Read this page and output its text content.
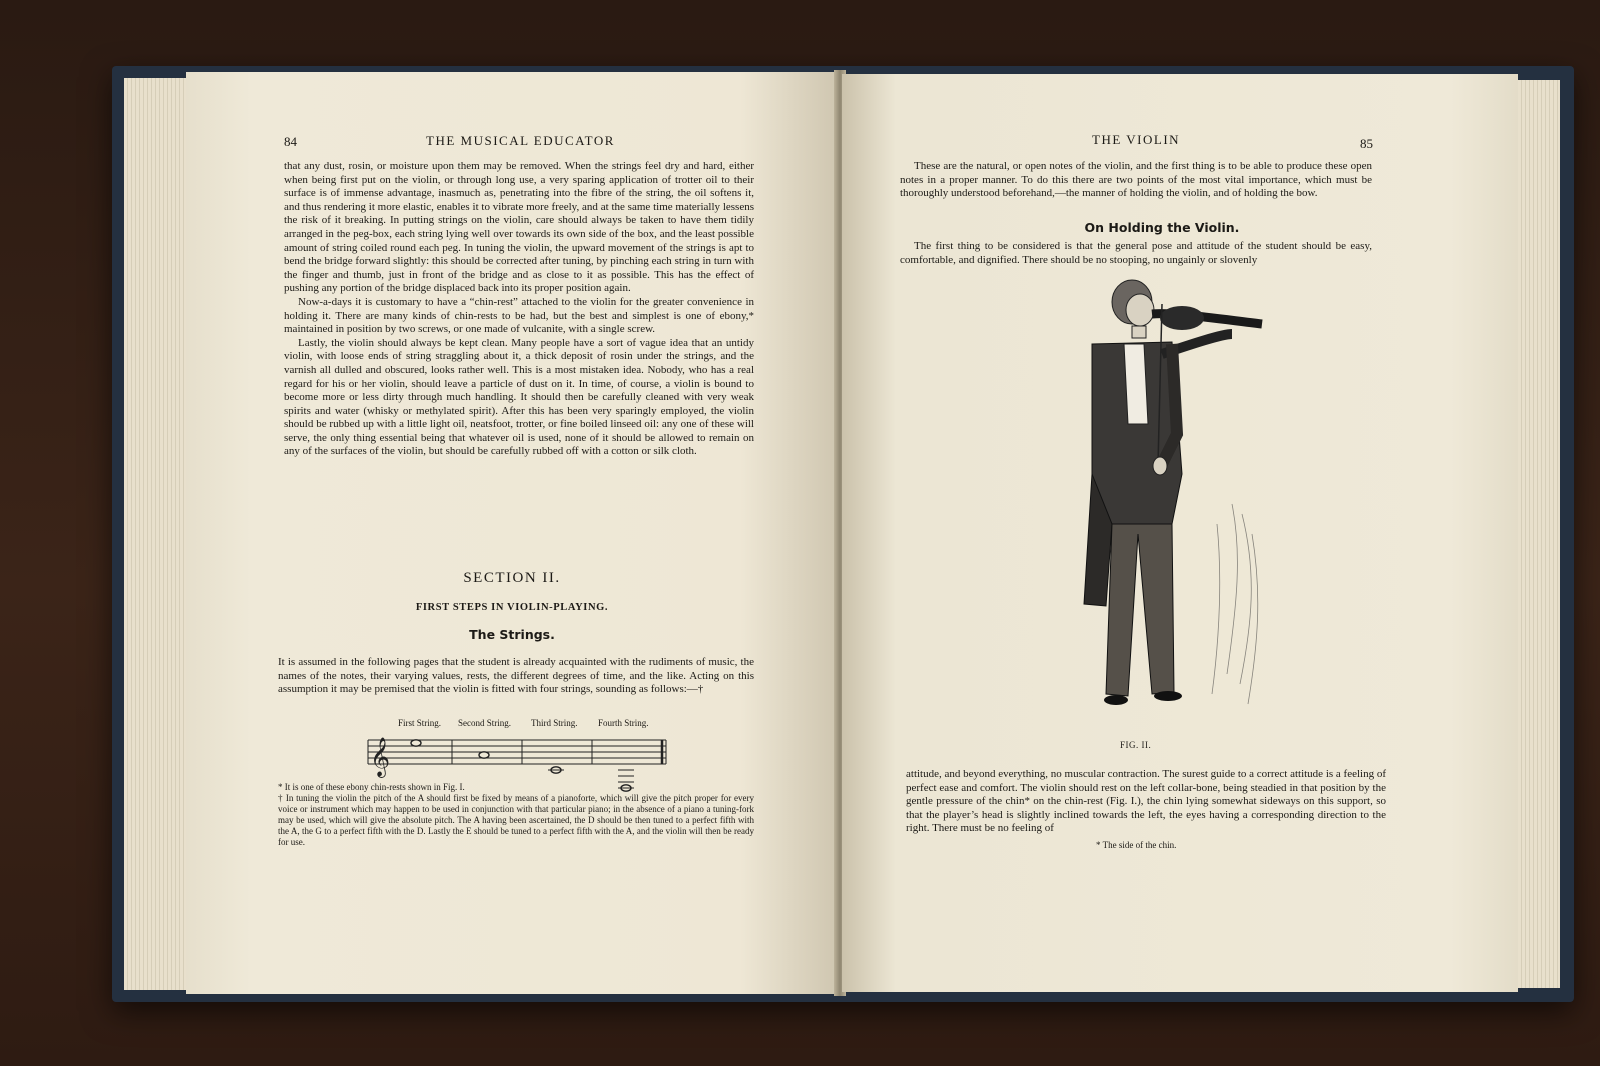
84	THE MUSICAL EDUCATOR

that any dust, rosin, or moisture upon them may be removed. When the strings feel dry and hard, either when being first put on the violin, or through long use, a very sparing application of trotter oil to their surface is of immense advantage, inasmuch as, penetrating into the fibre of the string, the oil softens it, and thus rendering it more elastic, enables it to vibrate more freely, and at the same time materially lessens the risk of it breaking. In putting strings on the violin, care should always be taken to have them tidily arranged in the peg-box, each string lying well over towards its own side of the box, and the least possible amount of string coiled round each peg. In tuning the violin, the upward movement of the strings is apt to bend the bridge forward slightly: this should be corrected after tuning, by pinching each string in turn with the finger and thumb, just in front of the bridge and as close to it as possible. This has the effect of pushing any portion of the bridge displaced back into its proper position again.

Now-a-days it is customary to have a “chin-rest” attached to the violin for the greater convenience in holding it. There are many kinds of chin-rests to be had, but the best and simplest is one of ebony,* maintained in position by two screws, or one made of vulcanite, with a single screw.

Lastly, the violin should always be kept clean. Many people have a sort of vague idea that an untidy violin, with loose ends of string straggling about it, a thick deposit of rosin under the strings, and the varnish all dulled and obscured, looks rather well. This is a most mistaken idea. Nobody, who has a real regard for his or her violin, should leave a particle of dust on it. In time, of course, a violin is bound to become more or less dirty through much handling. It should then be carefully cleaned with very weak spirits and water (whisky or methylated spirit). After this has been very sparingly employed, the violin should be rubbed up with a little light oil, neatsfoot, trotter, or fine boiled linseed oil: any one of these will serve, the only thing essential being that whatever oil is used, none of it should be allowed to remain on any of the surfaces of the violin, but should be carefully rubbed off with a cotton or silk cloth.

SECTION II.
FIRST STEPS IN VIOLIN-PLAYING.
The Strings.

It is assumed in the following pages that the student is already acquainted with the rudiments of music, the names of the notes, their varying values, rests, the different degrees of time, and the like. Acting on this assumption it may be premised that the violin is fitted with four strings, sounding as follows:—†

First String. Second String. Third String. Fourth String.
𝄞

* It is one of these ebony chin-rests shown in Fig. I.

† In tuning the violin the pitch of the A should first be fixed by means of a pianoforte, which will give the pitch proper for every voice or instrument which may happen to be used in conjunction with that particular piano; in the absence of a piano a tuning-fork may be used, which will give the absolute pitch. The A having been ascertained, the D should be then tuned to a perfect fifth with the A, the G to a perfect fifth with the D. Lastly the E should be tuned to a perfect fifth with the A, and the violin will then be ready for use.

THE VIOLIN	85

These are the natural, or open notes of the violin, and the first thing is to be able to produce these open notes in a proper manner. To do this there are two points of the most vital importance, which must be thoroughly understood beforehand,—the manner of holding the violin, and of holding the bow.

On Holding the Violin.

The first thing to be considered is that the general pose and attitude of the student should be easy, comfortable, and dignified. There should be no stooping, no ungainly or slovenly

FIG. II.

attitude, and beyond everything, no muscular contraction. The surest guide to a correct attitude is a feeling of perfect ease and comfort. The violin should rest on the left collar-bone, being steadied in that position by the gentle pressure of the chin* on the chin-rest (Fig. I.), the chin lying somewhat sideways on this support, so that the player’s head is slightly inclined towards the left, the eyes having a corresponding direction to the right. There must be no feeling of

* The side of the chin.
